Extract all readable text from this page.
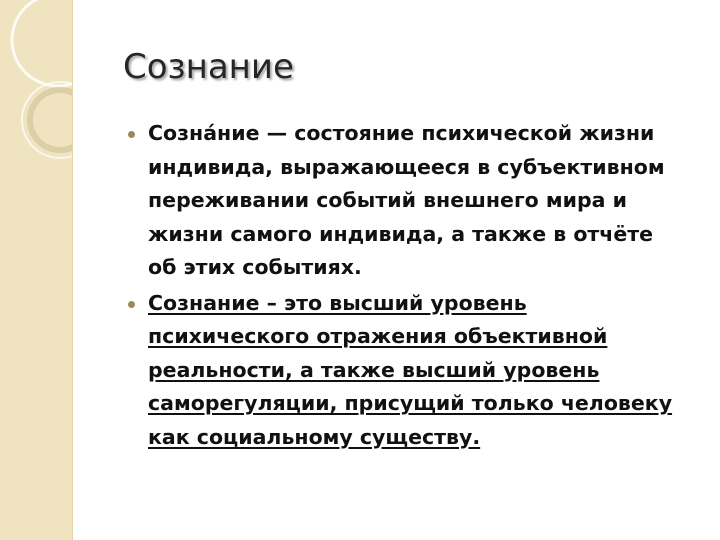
Сознание
Созна́ние — состояние психической жизни индивида, выражающееся в субъективном переживании событий внешнего мира и жизни самого индивида, а также в отчёте об этих событиях.
Сознание – это высший уровень психического отражения объективной реальности, а также высший уровень саморегуляции, присущий только человеку как социальному существу.
